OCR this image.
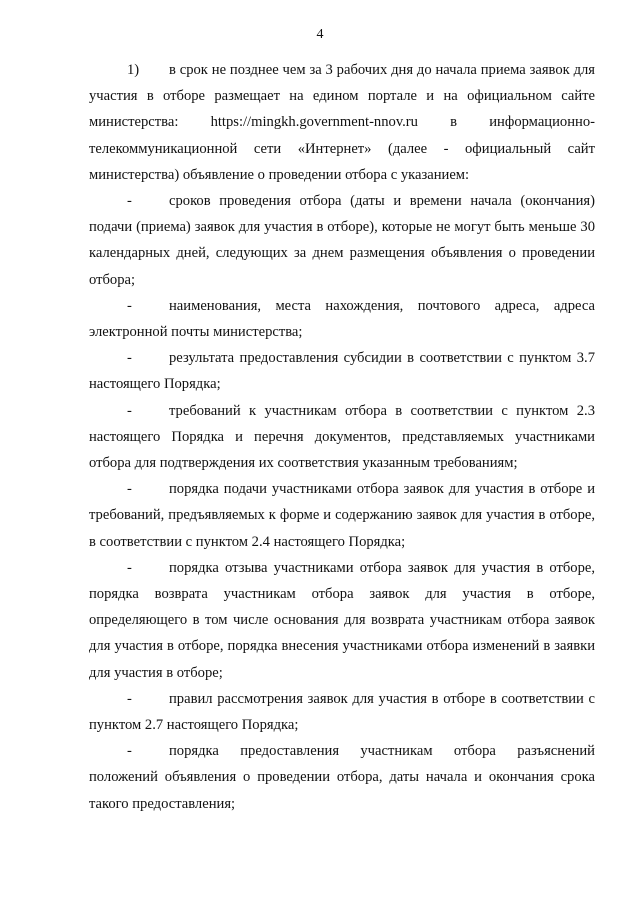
4

1) в срок не позднее чем за 3 рабочих дня до начала приема заявок для участия в отборе размещает на едином портале и на официальном сайте министерства: https://mingkh.government-nnov.ru в информационно-телекоммуникационной сети «Интернет» (далее - официальный сайт министерства) объявление о проведении отбора с указанием:

-	сроков проведения отбора (даты и времени начала (окончания) подачи (приема) заявок для участия в отборе), которые не могут быть меньше 30 календарных дней, следующих за днем размещения объявления о проведении отбора;

-	наименования, места нахождения, почтового адреса, адреса электронной почты министерства;

-	результата предоставления субсидии в соответствии с пунктом 3.7 настоящего Порядка;

-	требований к участникам отбора в соответствии с пунктом 2.3 настоящего Порядка и перечня документов, представляемых участниками отбора для подтверждения их соответствия указанным требованиям;

-	порядка подачи участниками отбора заявок для участия в отборе и требований, предъявляемых к форме и содержанию заявок для участия в отборе, в соответствии с пунктом 2.4 настоящего Порядка;

-	порядка отзыва участниками отбора заявок для участия в отборе, порядка возврата участникам отбора заявок для участия в отборе, определяющего в том числе основания для возврата участникам отбора заявок для участия в отборе, порядка внесения участниками отбора изменений в заявки для участия в отборе;

-	правил рассмотрения заявок для участия в отборе в соответствии с пунктом 2.7 настоящего Порядка;

-	порядка предоставления участникам отбора разъяснений положений объявления о проведении отбора, даты начала и окончания срока такого предоставления;
